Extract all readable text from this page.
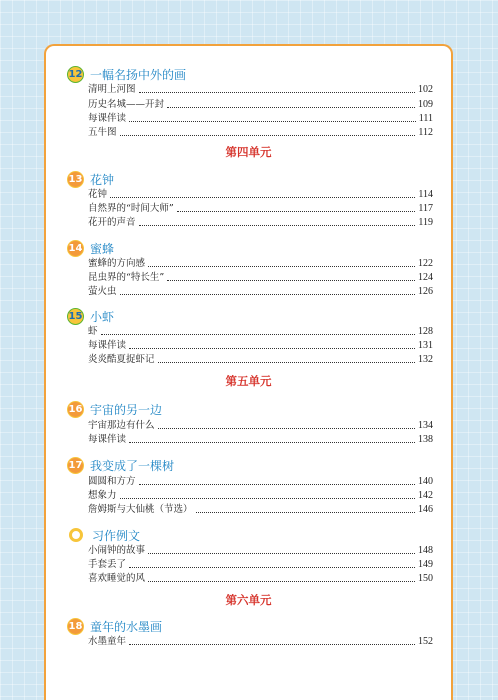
12 一幅名扬中外的画
清明上河图	102
历史名城——开封	109
每课伴读	111
五牛图	112
第四单元
13 花钟
花钟	114
自然界的“时间大师”	117
花开的声音	119
14 蜜蜂
蜜蜂的方向感	122
昆虫界的“特长生”	124
萤火虫	126
15 小虾
虾	128
每课伴读	131
炎炎酷夏捉虾记	132
第五单元
16 宇宙的另一边
宇宙那边有什么	134
每课伴读	138
17 我变成了一棵树
圆圆和方方	140
想象力	142
詹姆斯与大仙桃（节选）	146
习作例文
小闹钟的故事	148
手套丢了	149
喜欢睡觉的风	150
第六单元
18 童年的水墨画
水墨童年	152
